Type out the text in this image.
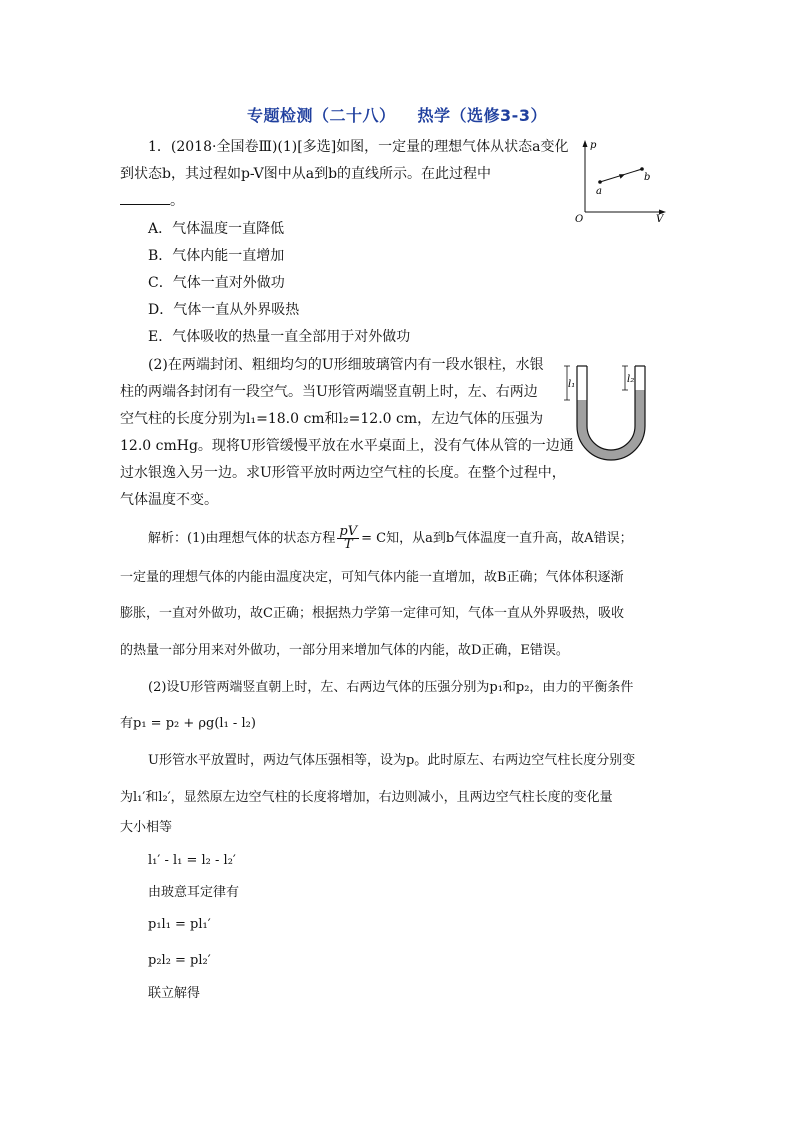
专题检测（二十八） 热学（选修3-3）
1．(2018·全国卷Ⅲ)(1)[多选]如图，一定量的理想气体从状态a变化
到状态b，其过程如p-V图中从a到b的直线所示。在此过程中
。
A．气体温度一直降低
B．气体内能一直增加
C．气体一直对外做功
D．气体一直从外界吸热
E．气体吸收的热量一直全部用于对外做功
p
V
O
a
b
(2)在两端封闭、粗细均匀的U形细玻璃管内有一段水银柱，水银
柱的两端各封闭有一段空气。当U形管两端竖直朝上时，左、右两边
空气柱的长度分别为l₁=18.0 cm和l₂=12.0 cm，左边气体的压强为
12.0 cmHg。现将U形管缓慢平放在水平桌面上，没有气体从管的一边通
过水银逸入另一边。求U形管平放时两边空气柱的长度。在整个过程中，
气体温度不变。
l₁	l₂
解析：(1)由理想气体的状态方程 $\frac{pV}{T} = C$知，从a到b气体温度一直升高，故A错误；
一定量的理想气体的内能由温度决定，可知气体内能一直增加，故B正确；气体体积逐渐
膨胀，一直对外做功，故C正确；根据热力学第一定律可知，气体一直从外界吸热，吸收
的热量一部分用来对外做功，一部分用来增加气体的内能，故D正确，E错误。
(2)设U形管两端竖直朝上时，左、右两边气体的压强分别为p₁和p₂，由力的平衡条件
有p₁ = p₂ + ρg(l₁ - l₂)
U形管水平放置时，两边气体压强相等，设为p。此时原左、右两边空气柱长度分别变
为l₁′和l₂′，显然原左边空气柱的长度将增加，右边则减小，且两边空气柱长度的变化量
大小相等
l₁′ - l₁ = l₂ - l₂′
由玻意耳定律有
p₁l₁ = pl₁′
p₂l₂ = pl₂′
联立解得
